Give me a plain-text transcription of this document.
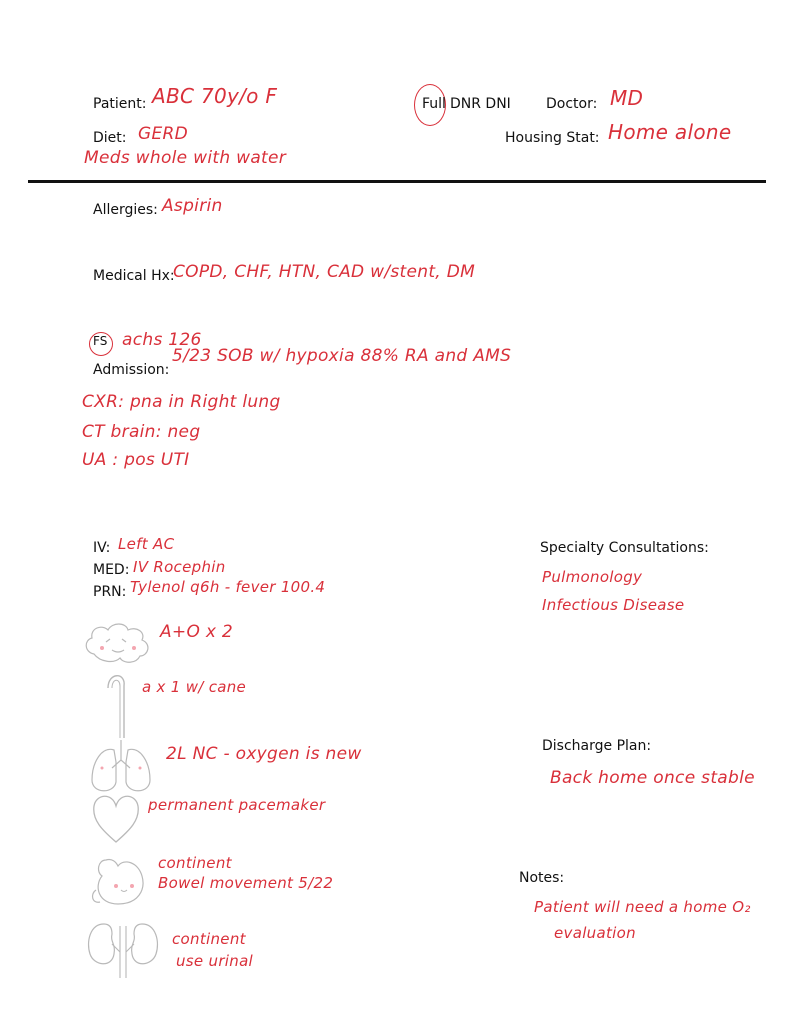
Patient: ABC 70y/o F	Full DNR DNI	Doctor: MD
Diet: GERD
Meds whole with water
Housing Stat: Home alone
Allergies: Aspirin
Medical Hx:
COPD, CHF, HTN, CAD w/stent, DM
FS achs 126
Admission:
5/23 SOB w/ hypoxia 88% RA and AMS
CXR: pna in Right lung
CT brain: neg
UA : pos UTI
IV: Left AC
MED: IV Rocephin
PRN: Tylenol q6h - fever 100.4
A+O x 2
a x 1 w/ cane
2L NC - oxygen is new
permanent pacemaker
continent
Bowel movement 5/22
continent
use urinal
Specialty Consultations:
Pulmonology
Infectious Disease
Discharge Plan:
Back home once stable
Notes:
Patient will need a home O₂
evaluation
